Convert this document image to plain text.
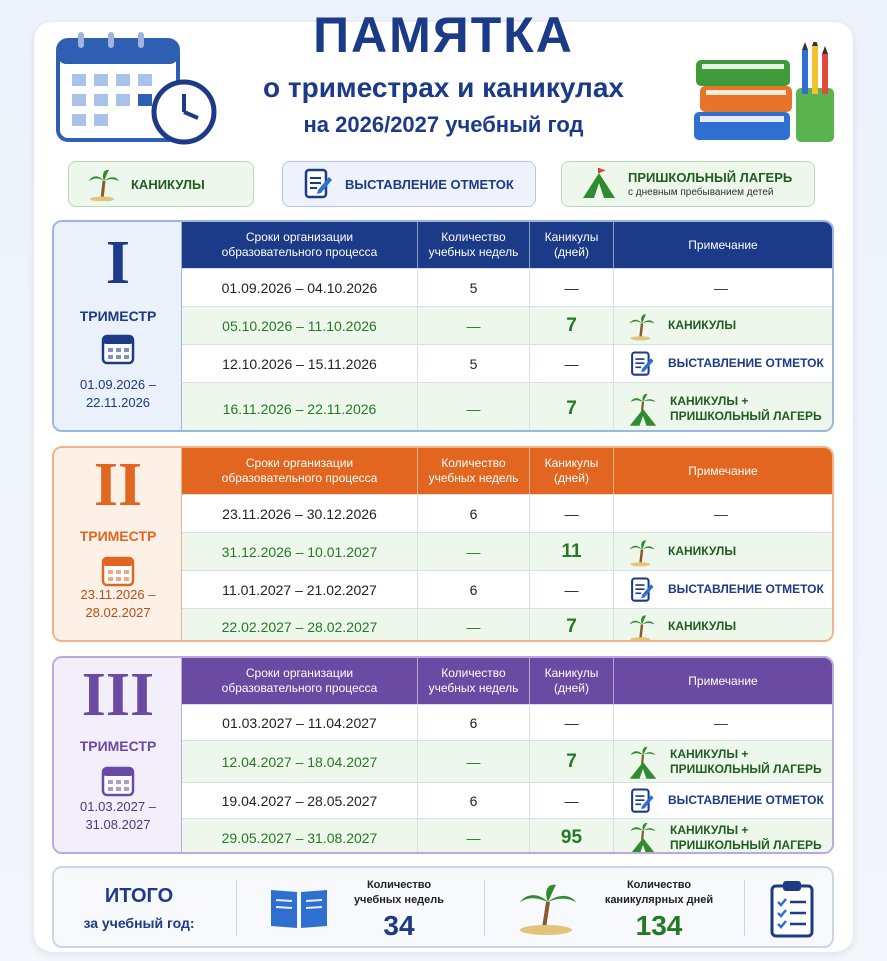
ПАМЯТКА
о триместрах и каникулах
на 2026/2027 учебный год
КАНИКУЛЫ	ВЫСТАВЛЕНИЕ ОТМЕТОК	ПРИШКОЛЬНЫЙ ЛАГЕРЬ
с дневным пребыванием детей
I
ТРИМЕСТР
01.09.2026 –
22.11.2026
Сроки организации образовательного процесса
Количество учебных недель
Каникулы (дней)
Примечание
01.09.2026 – 04.10.2026	5	—	—
05.10.2026 – 11.10.2026	—	7	КАНИКУЛЫ
12.10.2026 – 15.11.2026	5	—	ВЫСТАВЛЕНИЕ ОТМЕТОК
16.11.2026 – 22.11.2026	—	7	КАНИКУЛЫ +
ПРИШКОЛЬНЫЙ ЛАГЕРЬ
II
ТРИМЕСТР
23.11.2026 –
28.02.2027
Сроки организации образовательного процесса
Количество учебных недель
Каникулы (дней)
Примечание
23.11.2026 – 30.12.2026	6	—	—
31.12.2026 – 10.01.2027	—	11	КАНИКУЛЫ
11.01.2027 – 21.02.2027	6	—	ВЫСТАВЛЕНИЕ ОТМЕТОК
22.02.2027 – 28.02.2027	—	7	КАНИКУЛЫ
III
ТРИМЕСТР
01.03.2027 –
31.08.2027
Сроки организации образовательного процесса
Количество учебных недель
Каникулы (дней)
Примечание
01.03.2027 – 11.04.2027	6	—	—
12.04.2027 – 18.04.2027	—	7	КАНИКУЛЫ +
ПРИШКОЛЬНЫЙ ЛАГЕРЬ
19.04.2027 – 28.05.2027	6	—	ВЫСТАВЛЕНИЕ ОТМЕТОК
29.05.2027 – 31.08.2027	—	95	КАНИКУЛЫ +
ПРИШКОЛЬНЫЙ ЛАГЕРЬ
ИТОГО
за учебный год:
Количество
учебных недель
34
Количество
каникулярных дней
134
